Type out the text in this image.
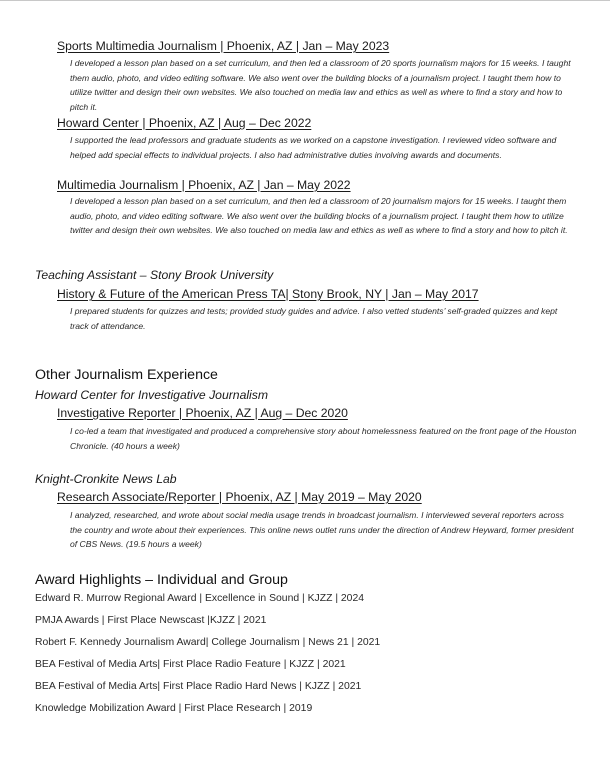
Sports Multimedia Journalism | Phoenix, AZ | Jan – May 2023
I developed a lesson plan based on a set curriculum, and then led a classroom of 20 sports journalism majors for 15 weeks. I taught them audio, photo, and video editing software. We also went over the building blocks of a journalism project. I taught them how to utilize twitter and design their own websites. We also touched on media law and ethics as well as where to find a story and how to pitch it.
Howard Center | Phoenix, AZ | Aug – Dec 2022
I supported the lead professors and graduate students as we worked on a capstone investigation. I reviewed video software and helped add special effects to individual projects. I also had administrative duties involving awards and documents.
Multimedia Journalism | Phoenix, AZ | Jan – May 2022
I developed a lesson plan based on a set curriculum, and then led a classroom of 20 journalism majors for 15 weeks. I taught them audio, photo, and video editing software. We also went over the building blocks of a journalism project. I taught them how to utilize twitter and design their own websites. We also touched on media law and ethics as well as where to find a story and how to pitch it.
Teaching Assistant – Stony Brook University
History & Future of the American Press TA| Stony Brook, NY | Jan – May 2017
I prepared students for quizzes and tests; provided study guides and advice. I also vetted students’ self-graded quizzes and kept track of attendance.
Other Journalism Experience
Howard Center for Investigative Journalism
Investigative Reporter | Phoenix, AZ | Aug – Dec 2020
I co-led a team that investigated and produced a comprehensive story about homelessness featured on the front page of the Houston Chronicle. (40 hours a week)
Knight-Cronkite News Lab
Research Associate/Reporter | Phoenix, AZ | May 2019 – May 2020
I analyzed, researched, and wrote about social media usage trends in broadcast journalism. I interviewed several reporters across the country and wrote about their experiences. This online news outlet runs under the direction of Andrew Heyward, former president of CBS News. (19.5 hours a week)
Award Highlights – Individual and Group
Edward R. Murrow Regional Award | Excellence in Sound | KJZZ | 2024
PMJA Awards | First Place Newscast |KJZZ | 2021
Robert F. Kennedy Journalism Award| College Journalism | News 21 | 2021
BEA Festival of Media Arts| First Place Radio Feature | KJZZ | 2021
BEA Festival of Media Arts| First Place Radio Hard News | KJZZ | 2021
Knowledge Mobilization Award | First Place Research | 2019
